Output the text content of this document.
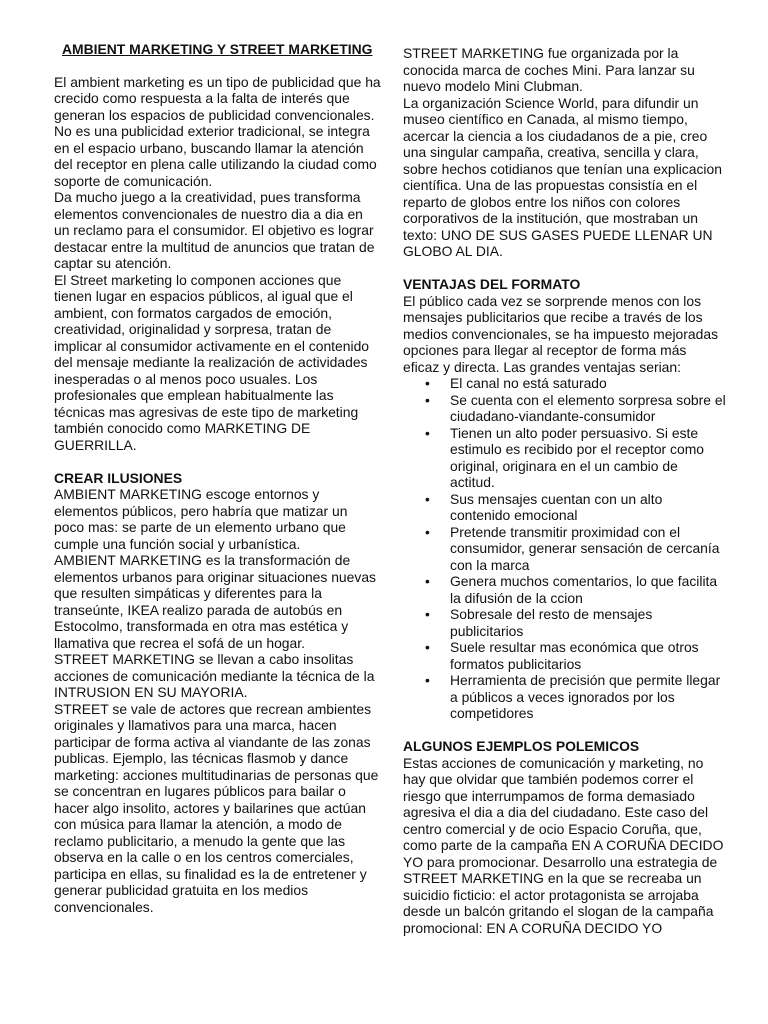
AMBIENT MARKETING Y STREET MARKETING

El ambient marketing es un tipo de publicidad que ha crecido como respuesta a la falta de interés que generan los espacios de publicidad convencionales. No es una publicidad exterior tradicional, se integra en el espacio urbano, buscando llamar la atención del receptor en plena calle utilizando la ciudad como soporte de comunicación.

Da mucho juego a la creatividad, pues transforma elementos convencionales de nuestro dia a dia en un reclamo para el consumidor. El objetivo es lograr destacar entre la multitud de anuncios que tratan de captar su atención.

El Street marketing lo componen acciones que tienen lugar en espacios públicos, al igual que el ambient, con formatos cargados de emoción, creatividad, originalidad y sorpresa, tratan de implicar al consumidor activamente en el contenido del mensaje mediante la realización de actividades inesperadas o al menos poco usuales. Los profesionales que emplean habitualmente las técnicas mas agresivas de este tipo de marketing también conocido como MARKETING DE GUERRILLA.

CREAR ILUSIONES

AMBIENT MARKETING escoge entornos y elementos públicos, pero habría que matizar un poco mas: se parte de un elemento urbano que cumple una función social y urbanística.

AMBIENT MARKETING es la transformación de elementos urbanos para originar situaciones nuevas que resulten simpáticas y diferentes para la transeúnte, IKEA realizo parada de autobús en Estocolmo, transformada en otra mas estética y llamativa que recrea el sofá de un hogar.

STREET MARKETING se llevan a cabo insolitas acciones de comunicación mediante la técnica de la INTRUSION EN SU MAYORIA.

STREET se vale de actores que recrean ambientes originales y llamativos para una marca, hacen participar de forma activa al viandante de las zonas publicas. Ejemplo, las técnicas flasmob y dance marketing: acciones multitudinarias de personas que se concentran en lugares públicos para bailar o hacer algo insolito, actores y bailarines que actúan con música para llamar la atención, a modo de reclamo publicitario, a menudo la gente que las observa en la calle o en los centros comerciales, participa en ellas, su finalidad es la de entretener y generar publicidad gratuita en los medios convencionales.

STREET MARKETING fue organizada por la conocida marca de coches Mini. Para lanzar su nuevo modelo Mini Clubman.

La organización Science World, para difundir un museo científico en Canada, al mismo tiempo, acercar la ciencia a los ciudadanos de a pie, creo una singular campaña, creativa, sencilla y clara, sobre hechos cotidianos que tenían una explicacion científica. Una de las propuestas consistía en el reparto de globos entre los niños con colores corporativos de la institución, que mostraban un texto: UNO DE SUS GASES PUEDE LLENAR UN GLOBO AL DIA.

VENTAJAS DEL FORMATO

El público cada vez se sorprende menos con los mensajes publicitarios que recibe a través de los medios convencionales, se ha impuesto mejoradas opciones para llegar al receptor de forma más eficaz y directa. Las grandes ventajas serian:

• El canal no está saturado
• Se cuenta con el elemento sorpresa sobre el ciudadano-viandante-consumidor
• Tienen un alto poder persuasivo. Si este estimulo es recibido por el receptor como original, originara en el un cambio de actitud.
• Sus mensajes cuentan con un alto contenido emocional
• Pretende transmitir proximidad con el consumidor, generar sensación de cercanía con la marca
• Genera muchos comentarios, lo que facilita la difusión de la ccion
• Sobresale del resto de mensajes publicitarios
• Suele resultar mas económica que otros formatos publicitarios
• Herramienta de precisión que permite llegar a públicos a veces ignorados por los competidores
ALGUNOS EJEMPLOS POLEMICOS

Estas acciones de comunicación y marketing, no hay que olvidar que también podemos correr el riesgo que interrumpamos de forma demasiado agresiva el dia a dia del ciudadano. Este caso del centro comercial y de ocio Espacio Coruña, que, como parte de la campaña EN A CORUÑA DECIDO YO para promocionar. Desarrollo una estrategia de STREET MARKETING en la que se recreaba un suicidio ficticio: el actor protagonista se arrojaba desde un balcón gritando el slogan de la campaña promocional: EN A CORUÑA DECIDO YO
